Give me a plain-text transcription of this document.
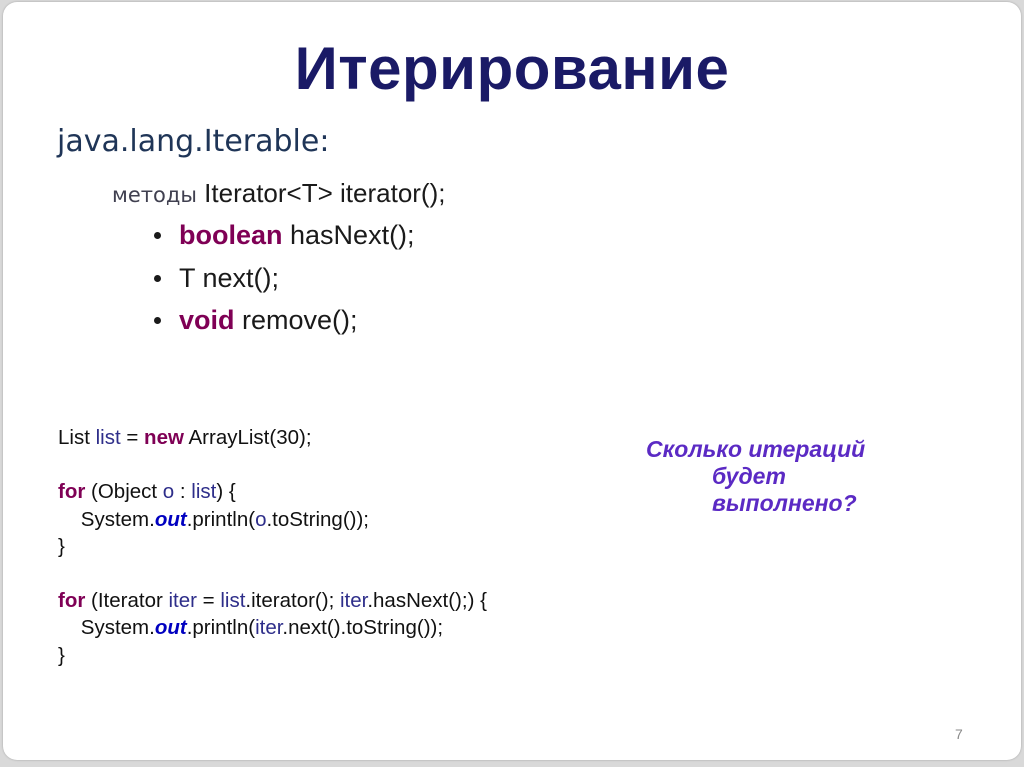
Итерирование
java.lang.Iterable:
методы Iterator<T> iterator();
boolean hasNext();
T next();
void remove();
List list = new ArrayList(30);

for (Object o : list) {
System.out.println(o.toString());
}

for (Iterator iter = list.iterator(); iter.hasNext();) {
System.out.println(iter.next().toString());
}
Сколько итераций
будет
выполнено?
7
